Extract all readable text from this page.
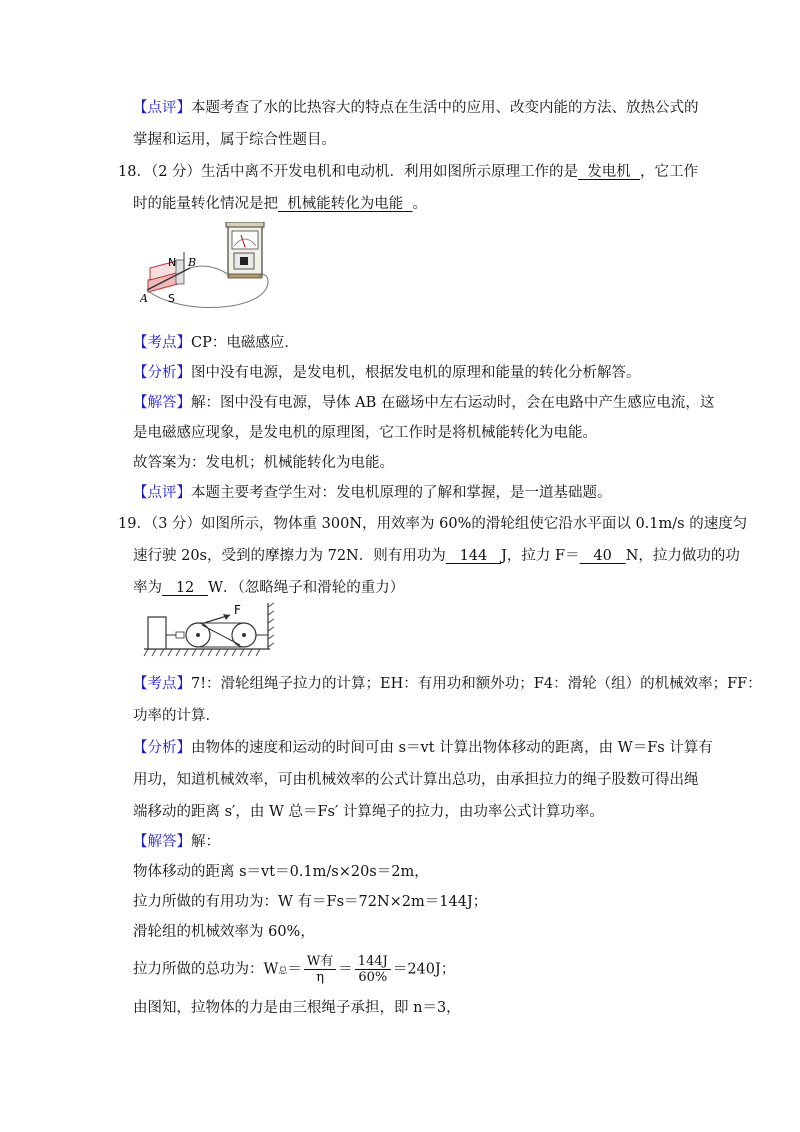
【点评】本题考查了水的比热容大的特点在生活中的应用、改变内能的方法、放热公式的
掌握和运用，属于综合性题目。
18．（2 分）生活中离不开发电机和电动机．利用如图所示原理工作的是 发电机 ，它工作
时的能量转化情况是把 机械能转化为电能 。
N B
A S
【考点】CP：电磁感应．
【分析】图中没有电源，是发电机，根据发电机的原理和能量的转化分析解答。
【解答】解：图中没有电源，导体 AB 在磁场中左右运动时，会在电路中产生感应电流，这
是电磁感应现象，是发电机的原理图，它工作时是将机械能转化为电能。
故答案为：发电机；机械能转化为电能。
【点评】本题主要考查学生对：发电机原理的了解和掌握，是一道基础题。
19．（3 分）如图所示，物体重 300N，用效率为 60%的滑轮组使它沿水平面以 0.1m/s 的速度匀
速行驶 20s，受到的摩擦力为 72N．则有用功为 144 J，拉力 F＝ 40 N，拉力做功的功
率为 12 W．（忽略绳子和滑轮的重力）
F
【考点】7!：滑轮组绳子拉力的计算；EH：有用功和额外功；F4：滑轮（组）的机械效率；FF：
功率的计算．
【分析】由物体的速度和运动的时间可由 s＝vt 计算出物体移动的距离，由 W＝Fs 计算有
用功，知道机械效率，可由机械效率的公式计算出总功，由承担拉力的绳子股数可得出绳
端移动的距离 s′，由 W 总＝Fs′ 计算绳子的拉力，由功率公式计算功率。
【解答】解：
物体移动的距离 s＝vt＝0.1m/s×20s＝2m，
拉力所做的有用功为：W 有＝Fs＝72N×2m＝144J；
滑轮组的机械效率为 60%，
拉力所做的总功为：W总＝ $\frac{\text{W有}}{\eta} = \frac{144J}{60\%} =240J$；
由图知，拉物体的力是由三根绳子承担，即 n＝3，
